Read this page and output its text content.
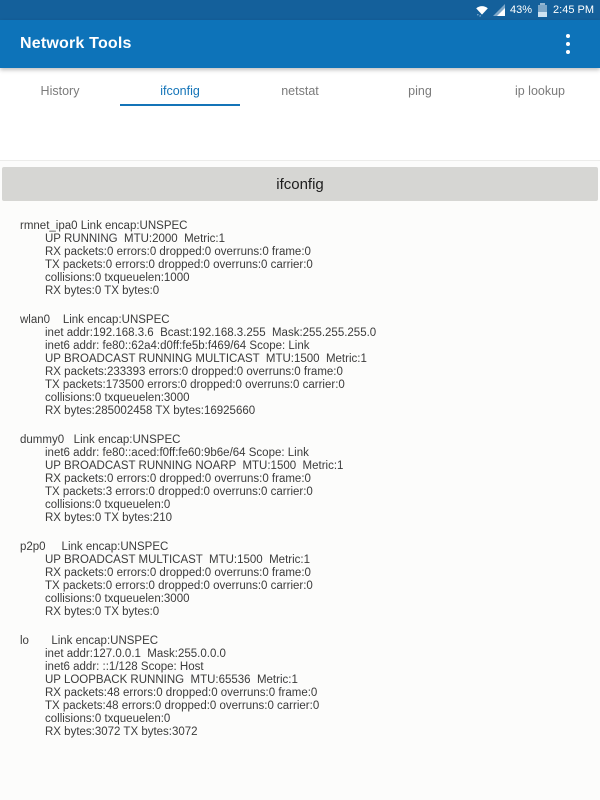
43% 2:45 PM
Network Tools
History	ifconfig	netstat	ping	ip lookup
ifconfig
rmnet_ipa0 Link encap:UNSPEC
UP RUNNING  MTU:2000  Metric:1
RX packets:0 errors:0 dropped:0 overruns:0 frame:0
TX packets:0 errors:0 dropped:0 overruns:0 carrier:0
collisions:0 txqueuelen:1000
RX bytes:0 TX bytes:0
wlan0    Link encap:UNSPEC
inet addr:192.168.3.6  Bcast:192.168.3.255  Mask:255.255.255.0
inet6 addr: fe80::62a4:d0ff:fe5b:f469/64 Scope: Link
UP BROADCAST RUNNING MULTICAST  MTU:1500  Metric:1
RX packets:233393 errors:0 dropped:0 overruns:0 frame:0
TX packets:173500 errors:0 dropped:0 overruns:0 carrier:0
collisions:0 txqueuelen:3000
RX bytes:285002458 TX bytes:16925660
dummy0   Link encap:UNSPEC
inet6 addr: fe80::aced:f0ff:fe60:9b6e/64 Scope: Link
UP BROADCAST RUNNING NOARP  MTU:1500  Metric:1
RX packets:0 errors:0 dropped:0 overruns:0 frame:0
TX packets:3 errors:0 dropped:0 overruns:0 carrier:0
collisions:0 txqueuelen:0
RX bytes:0 TX bytes:210
p2p0     Link encap:UNSPEC
UP BROADCAST MULTICAST  MTU:1500  Metric:1
RX packets:0 errors:0 dropped:0 overruns:0 frame:0
TX packets:0 errors:0 dropped:0 overruns:0 carrier:0
collisions:0 txqueuelen:3000
RX bytes:0 TX bytes:0
lo       Link encap:UNSPEC
inet addr:127.0.0.1  Mask:255.0.0.0
inet6 addr: ::1/128 Scope: Host
UP LOOPBACK RUNNING  MTU:65536  Metric:1
RX packets:48 errors:0 dropped:0 overruns:0 frame:0
TX packets:48 errors:0 dropped:0 overruns:0 carrier:0
collisions:0 txqueuelen:0
RX bytes:3072 TX bytes:3072
